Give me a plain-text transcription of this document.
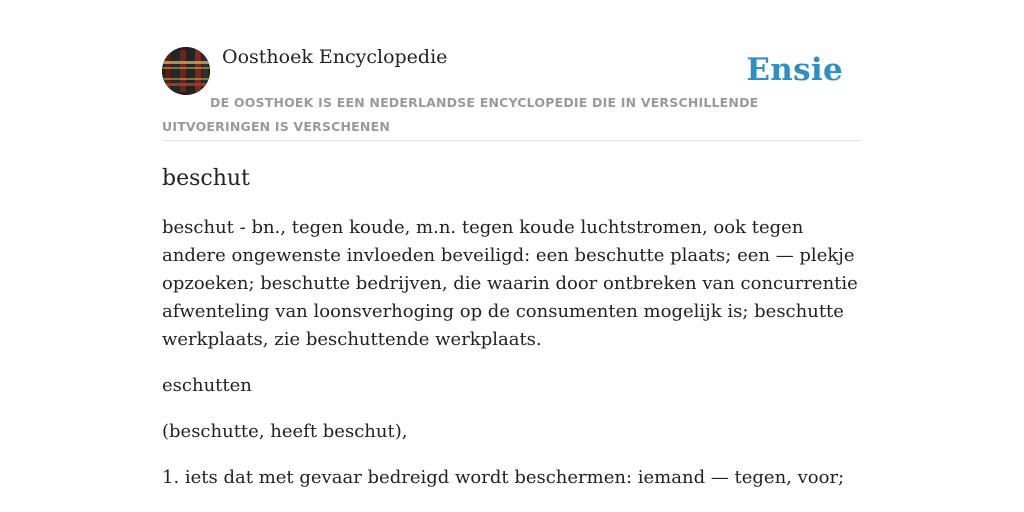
Oosthoek Encyclopedie	Ensie
DE OOSTHOEK IS EEN NEDERLANDSE ENCYCLOPEDIE DIE IN VERSCHILLENDE UITVOERINGEN IS VERSCHENEN
beschut

beschut - bn., tegen koude, m.n. tegen koude luchtstromen, ook tegen andere ongewenste invloeden beveiligd: een beschutte plaats; een — plekje opzoeken; beschutte bedrijven, die waarin door ontbreken van concurrentie afwenteling van loonsverhoging op de consumenten mogelijk is; beschutte werkplaats, zie beschuttende werkplaats.

eschutten

(beschutte, heeft beschut),

1. iets dat met gevaar bedreigd wordt beschermen: iemand — tegen, voor;
